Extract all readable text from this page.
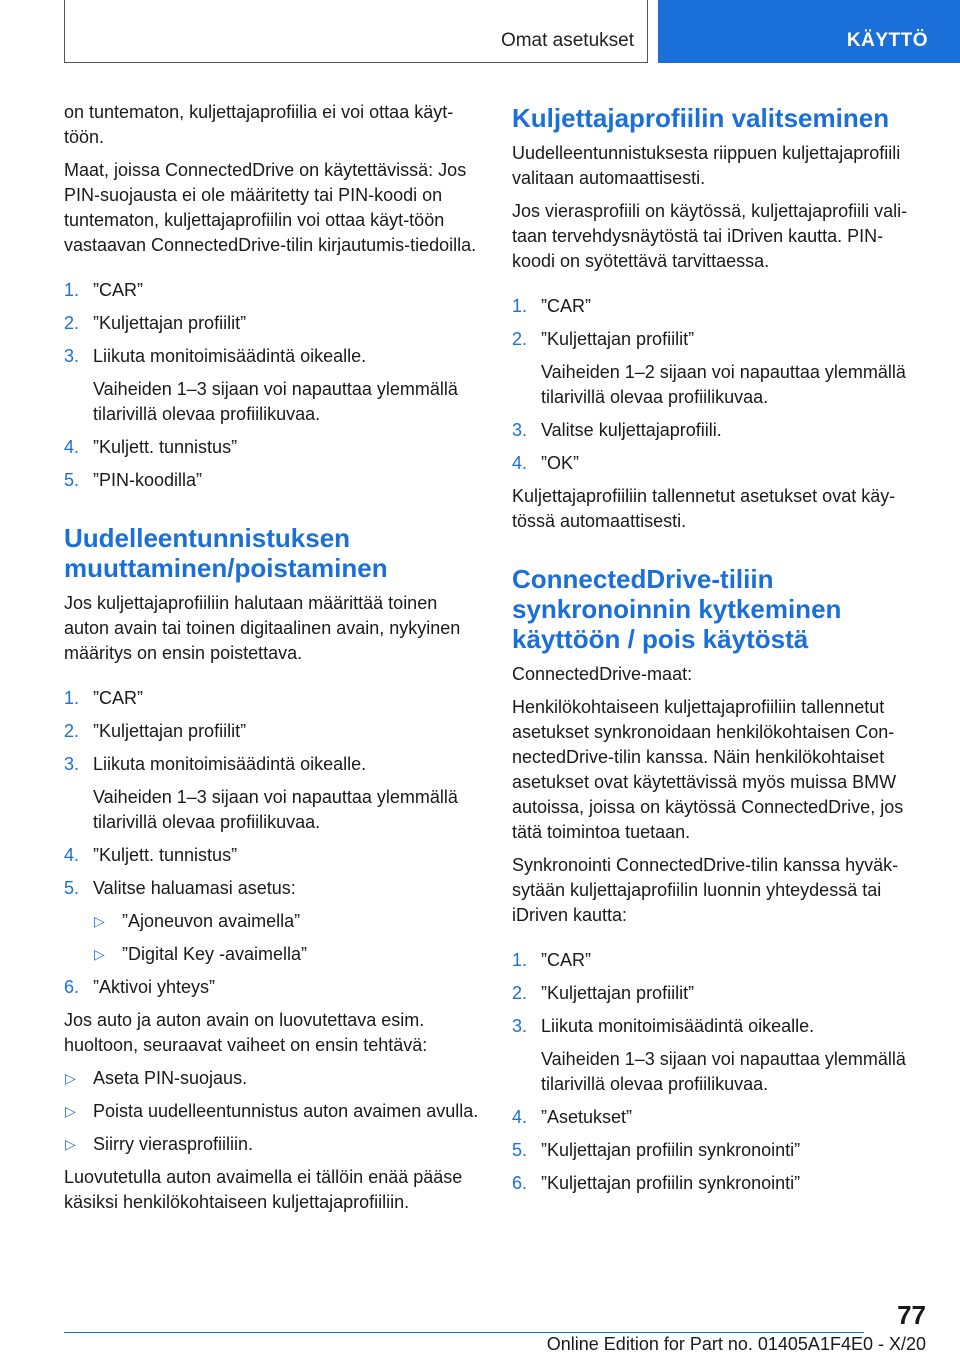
Omat asetukset	KÄYTTÖ

on tuntematon, kuljettajaprofiilia ei voi ottaa käyt-
töön.

Maat, joissa ConnectedDrive on käytettävissä: Jos PIN-suojausta ei ole määritetty tai PIN-koodi on tuntematon, kuljettajaprofiilin voi ottaa käyt-töön vastaavan ConnectedDrive-tilin kirjautumis-tiedoilla.

1. ”CAR”
2. ”Kuljettajan profiilit”
3. Liikuta monitoimisäädintä oikealle.
Vaiheiden 1–3 sijaan voi napauttaa ylemmällä tilarivillä olevaa profiilikuvaa.
4. ”Kuljett. tunnistus”
5. ”PIN-koodilla”
Uudelleentunnistuksen muuttaminen/poistaminen

Jos kuljettajaprofiiliin halutaan määrittää toinen auton avain tai toinen digitaalinen avain, nykyinen määritys on ensin poistettava.

1. ”CAR”
2. ”Kuljettajan profiilit”
3. Liikuta monitoimisäädintä oikealle.
Vaiheiden 1–3 sijaan voi napauttaa ylemmällä tilarivillä olevaa profiilikuvaa.
4. ”Kuljett. tunnistus”
5. Valitse haluamasi asetus:
▷ ”Ajoneuvon avaimella”
▷ ”Digital Key -avaimella”
6. ”Aktivoi yhteys”

Jos auto ja auton avain on luovutettava esim. huoltoon, seuraavat vaiheet on ensin tehtävä:

▷ Aseta PIN-suojaus.
▷ Poista uudelleentunnistus auton avaimen avulla.
▷ Siirry vierasprofiiliin.

Luovutetulla auton avaimella ei tällöin enää pääse käsiksi henkilökohtaiseen kuljettajaprofiiliin.

Kuljettajaprofiilin valitseminen

Uudelleentunnistuksesta riippuen kuljettajaprofiili valitaan automaattisesti.

Jos vierasprofiili on käytössä, kuljettajaprofiili vali-taan tervehdysnäytöstä tai iDriven kautta. PIN-koodi on syötettävä tarvittaessa.

1. ”CAR”
2. ”Kuljettajan profiilit”
Vaiheiden 1–2 sijaan voi napauttaa ylemmällä tilarivillä olevaa profiilikuvaa.
3. Valitse kuljettajaprofiili.
4. ”OK”

Kuljettajaprofiiliin tallennetut asetukset ovat käy-tössä automaattisesti.

ConnectedDrive-tiliin synkronoinnin kytkeminen käyttöön / pois käytöstä

ConnectedDrive-maat:

Henkilökohtaiseen kuljettajaprofiiliin tallennetut asetukset synkronoidaan henkilökohtaisen Con-nectedDrive-tilin kanssa. Näin henkilökohtaiset asetukset ovat käytettävissä myös muissa BMW autoissa, joissa on käytössä ConnectedDrive, jos tätä toimintoa tuetaan.

Synkronointi ConnectedDrive-tilin kanssa hyväk-sytään kuljettajaprofiilin luonnin yhteydessä tai iDriven kautta:

1. ”CAR”
2. ”Kuljettajan profiilit”
3. Liikuta monitoimisäädintä oikealle.
Vaiheiden 1–3 sijaan voi napauttaa ylemmällä tilarivillä olevaa profiilikuvaa.
4. ”Asetukset”
5. ”Kuljettajan profiilin synkronointi”
6. ”Kuljettajan profiilin synkronointi”
77
Online Edition for Part no. 01405A1F4E0 - X/20
